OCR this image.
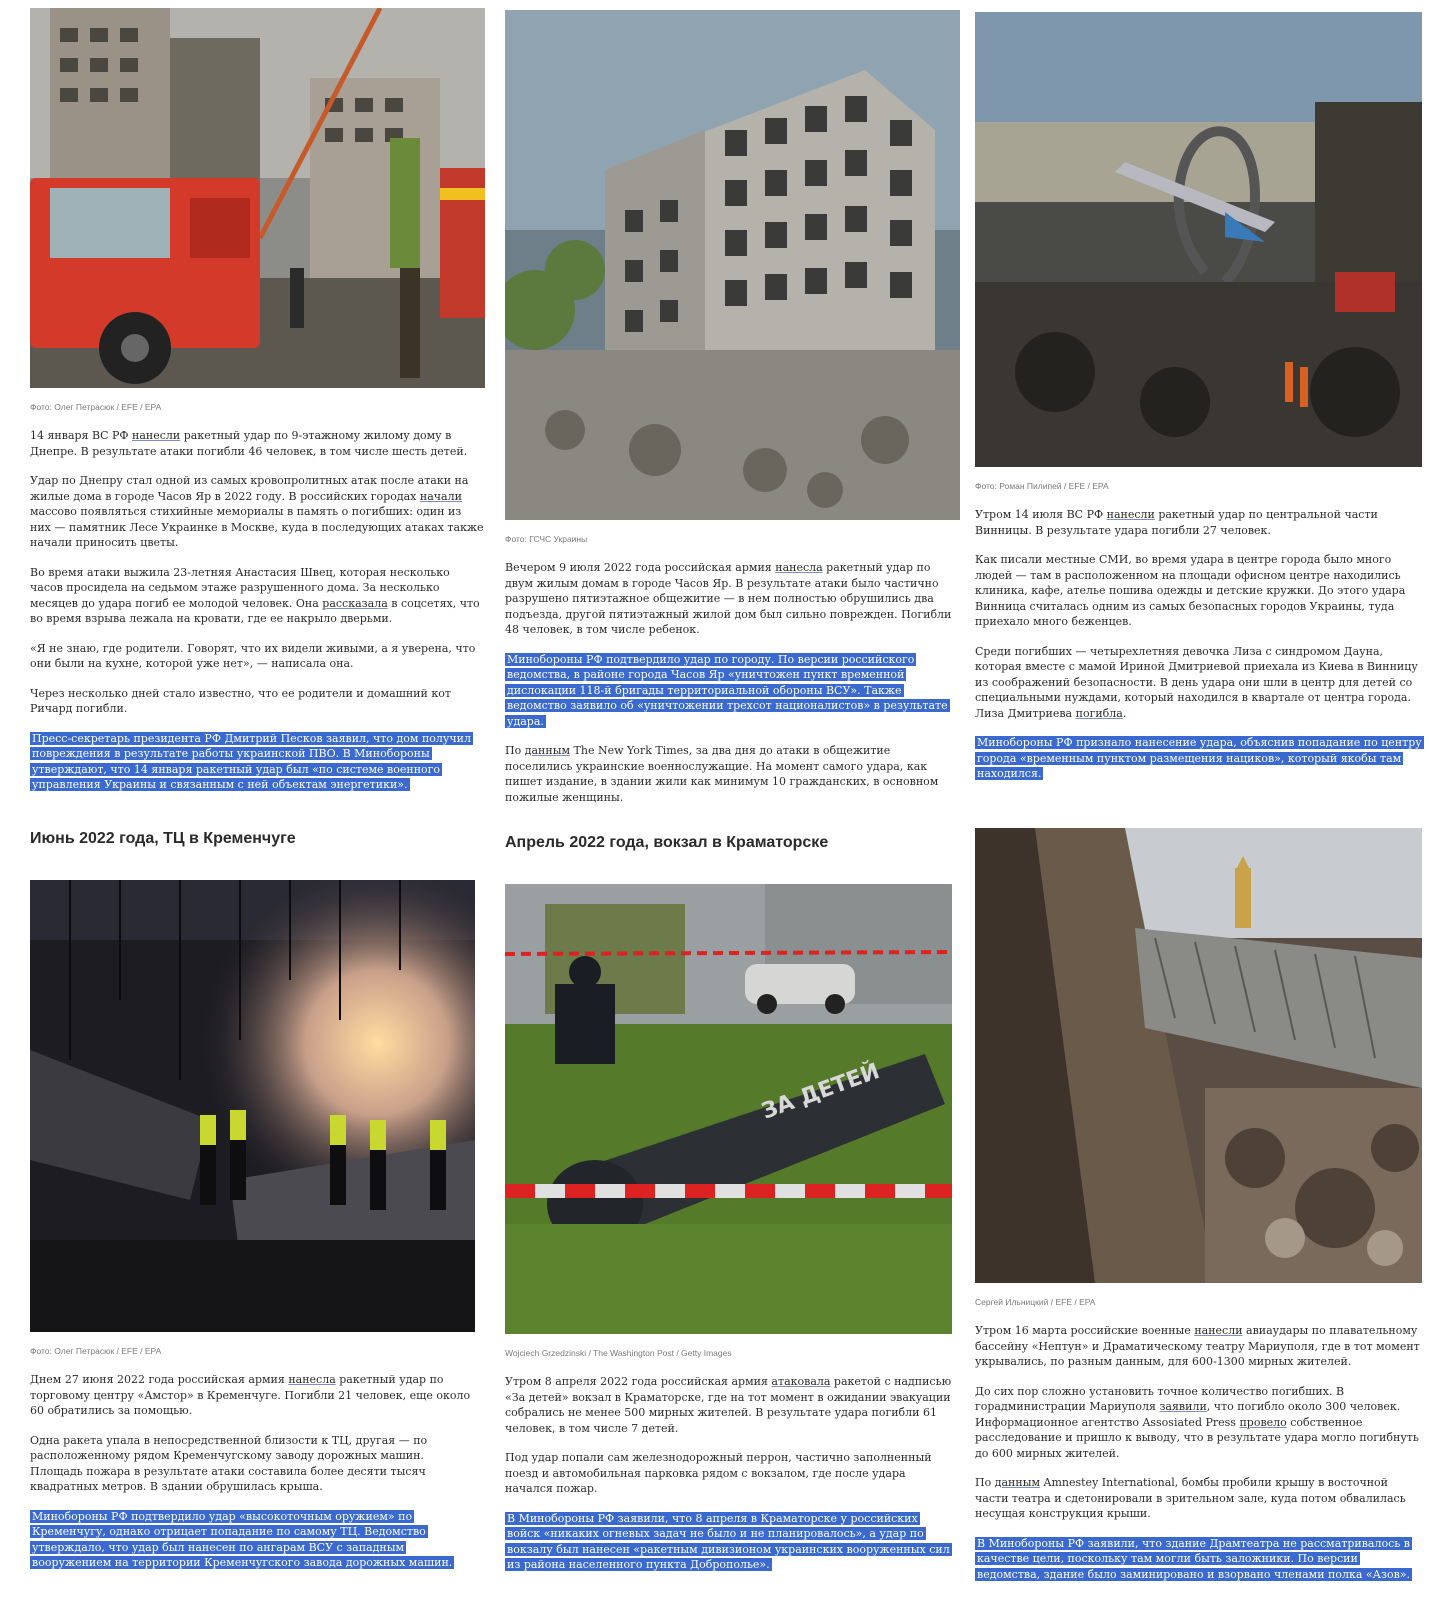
Фото: Олег Петрасюк / EFE / EPA

14 января ВС РФ нанесли ракетный удар по 9-этажному жилому дому в Днепре. В результате атаки погибли 46 человек, в том числе шесть детей.

Удар по Днепру стал одной из самых кровопролитных атак после атаки на жилые дома в городе Часов Яр в 2022 году. В российских городах начали массово появляться стихийные мемориалы в память о погибших: один из них — памятник Лесе Украинке в Москве, куда в последующих атаках также начали приносить цветы.

Во время атаки выжила 23-летняя Анастасия Швец, которая несколько часов просидела на седьмом этаже разрушенного дома. За несколько месяцев до удара погиб ее молодой человек. Она рассказала в соцсетях, что во время взрыва лежала на кровати, где ее накрыло дверьми.

«Я не знаю, где родители. Говорят, что их видели живыми, а я уверена, что они были на кухне, которой уже нет», — написала она.

Через несколько дней стало известно, что ее родители и домашний кот Ричард погибли.

Пресс-секретарь президента РФ Дмитрий Песков заявил, что дом получил повреждения в результате работы украинской ПВО. В Минобороны утверждают, что 14 января ракетный удар был «по системе военного управления Украины и связанным с ней объектам энергетики».

Фото: ГСЧС Украины

Вечером 9 июля 2022 года российская армия нанесла ракетный удар по двум жилым домам в городе Часов Яр. В результате атаки было частично разрушено пятиэтажное общежитие — в нем полностью обрушились два подъезда, другой пятиэтажный жилой дом был сильно поврежден. Погибли 48 человек, в том числе ребенок.

Минобороны РФ подтвердило удар по городу. По версии российского ведомства, в районе города Часов Яр «уничтожен пункт временной дислокации 118-й бригады территориальной обороны ВСУ». Также ведомство заявило об «уничтожении трехсот националистов» в результате удара.

По данным The New York Times, за два дня до атаки в общежитие поселились украинские военнослужащие. На момент самого удара, как пишет издание, в здании жили как минимум 10 гражданских, в основном пожилые женщины.

Фото: Роман Пилипей / EFE / EPA

Утром 14 июля ВС РФ нанесли ракетный удар по центральной части Винницы. В результате удара погибли 27 человек.

Как писали местные СМИ, во время удара в центре города было много людей — там в расположенном на площади офисном центре находились клиника, кафе, ателье пошива одежды и детские кружки. До этого удара Винница считалась одним из самых безопасных городов Украины, туда приехало много беженцев.

Среди погибших — четырехлетняя девочка Лиза с синдромом Дауна, которая вместе с мамой Ириной Дмитриевой приехала из Киева в Винницу из соображений безопасности. В день удара они шли в центр для детей со специальными нуждами, который находился в квартале от центра города. Лиза Дмитриева погибла.

Минобороны РФ признало нанесение удара, объяснив попадание по центру города «временным пунктом размещения нациков», который якобы там находился.

Июнь 2022 года, ТЦ в Кременчуге	Апрель 2022 года, вокзал в Краматорске
Фото: Олег Петрасюк / EFE / EPA

Днем 27 июня 2022 года российская армия нанесла ракетный удар по торговому центру «Амстор» в Кременчуге. Погибли 21 человек, еще около 60 обратились за помощью.

Одна ракета упала в непосредственной близости к ТЦ, другая — по расположенному рядом Кременчугскому заводу дорожных машин. Площадь пожара в результате атаки составила более десяти тысяч квадратных метров. В здании обрушилась крыша.

Минобороны РФ подтвердило удар «высокоточным оружием» по Кременчугу, однако отрицает попадание по самому ТЦ. Ведомство утверждало, что удар был нанесен по ангарам ВСУ с западным вооружением на территории Кременчугского завода дорожных машин.

ЗА ДЕТЕЙ
Wojciech Grzedzinski / The Washington Post / Getty Images

Утром 8 апреля 2022 года российская армия атаковала ракетой с надписью «За детей» вокзал в Краматорске, где на тот момент в ожидании эвакуации собрались не менее 500 мирных жителей. В результате удара погибли 61 человек, в том числе 7 детей.

Под удар попали сам железнодорожный перрон, частично заполненный поезд и автомобильная парковка рядом с вокзалом, где после удара начался пожар.

В Минобороны РФ заявили, что 8 апреля в Краматорске у российских войск «никаких огневых задач не было и не планировалось», а удар по вокзалу был нанесен «ракетным дивизионом украинских вооруженных сил из района населенного пункта Доброполье».

Сергей Ильницкий / EFE / EPA

Утром 16 марта российские военные нанесли авиаудары по плавательному бассейну «Нептун» и Драматическому театру Мариуполя, где в тот момент укрывались, по разным данным, для 600-1300 мирных жителей.

До сих пор сложно установить точное количество погибших. В горадминистрации Мариуполя заявили, что погибло около 300 человек. Информационное агентство Assosiated Press провело собственное расследование и пришло к выводу, что в результате удара могло погибнуть до 600 мирных жителей.

По данным Amnestey International, бомбы пробили крышу в восточной части театра и сдетонировали в зрительном зале, куда потом обвалилась несущая конструкция крыши.

В Минобороны РФ заявили, что здание Драмтеатра не рассматривалось в качестве цели, поскольку там могли быть заложники. По версии ведомства, здание было заминировано и взорвано членами полка «Азов».
